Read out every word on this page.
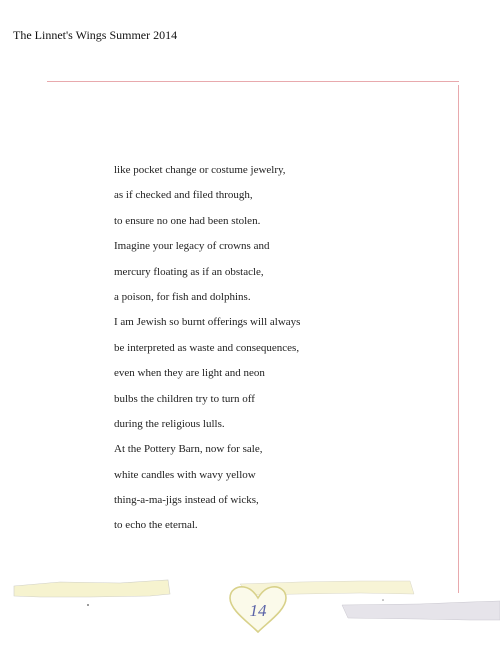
The Linnet's Wings Summer 2014
like pocket change or costume jewelry,
as if checked and filed through,
to ensure no one had been stolen.
Imagine your legacy of crowns and
mercury floating as if an obstacle,
a poison, for fish and dolphins.
I am Jewish so burnt offerings will always
be interpreted as waste and consequences,
even when they are light and neon
bulbs the children try to turn off
during the religious lulls.
At the Pottery Barn, now for sale,
white candles with wavy yellow
thing-a-ma-jigs instead of wicks,
to echo the eternal.
14
